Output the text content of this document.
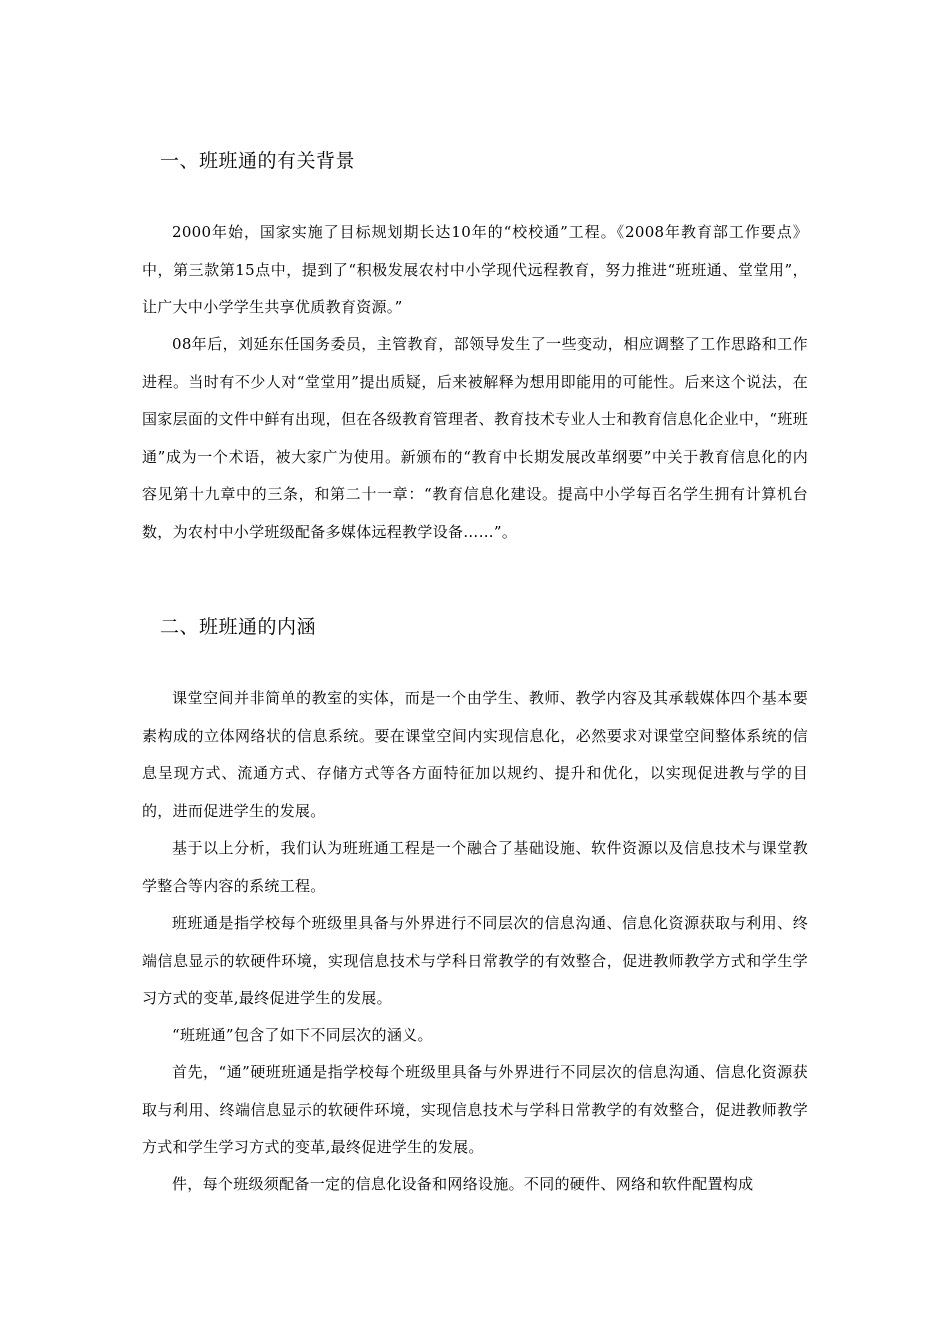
一、班班通的有关背景

2000年始，国家实施了目标规划期长达10年的“校校通”工程。《2008年教育部工作要点》中，第三款第15点中，提到了“积极发展农村中小学现代远程教育，努力推进“班班通、堂堂用”，让广大中小学学生共享优质教育资源。”

08年后，刘延东任国务委员，主管教育，部领导发生了一些变动，相应调整了工作思路和工作进程。当时有不少人对“堂堂用”提出质疑，后来被解释为想用即能用的可能性。后来这个说法，在国家层面的文件中鲜有出现，但在各级教育管理者、教育技术专业人士和教育信息化企业中，“班班通”成为一个术语，被大家广为使用。新颁布的“教育中长期发展改革纲要”中关于教育信息化的内容见第十九章中的三条，和第二十一章：“教育信息化建设。提高中小学每百名学生拥有计算机台数，为农村中小学班级配备多媒体远程教学设备……”。

二、班班通的内涵

课堂空间并非简单的教室的实体，而是一个由学生、教师、教学内容及其承载媒体四个基本要素构成的立体网络状的信息系统。要在课堂空间内实现信息化，必然要求对课堂空间整体系统的信息呈现方式、流通方式、存储方式等各方面特征加以规约、提升和优化，以实现促进教与学的目的，进而促进学生的发展。

基于以上分析，我们认为班班通工程是一个融合了基础设施、软件资源以及信息技术与课堂教学整合等内容的系统工程。

班班通是指学校每个班级里具备与外界进行不同层次的信息沟通、信息化资源获取与利用、终端信息显示的软硬件环境，实现信息技术与学科日常教学的有效整合，促进教师教学方式和学生学习方式的变革,最终促进学生的发展。

“班班通”包含了如下不同层次的涵义。

首先，“通”硬班班通是指学校每个班级里具备与外界进行不同层次的信息沟通、信息化资源获取与利用、终端信息显示的软硬件环境，实现信息技术与学科日常教学的有效整合，促进教师教学方式和学生学习方式的变革,最终促进学生的发展。

件，每个班级须配备一定的信息化设备和网络设施。不同的硬件、网络和软件配置构成
